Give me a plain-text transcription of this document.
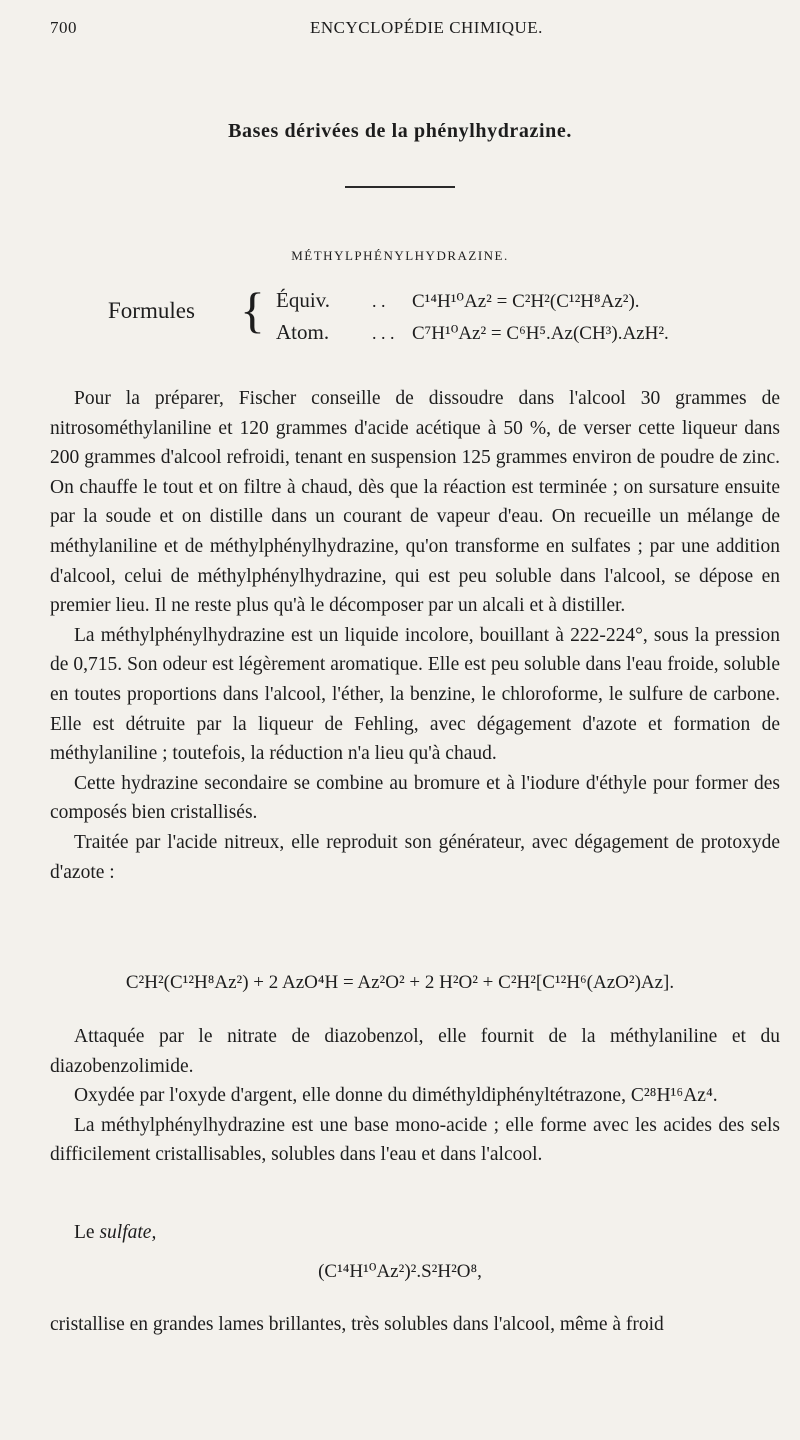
700	ENCYCLOPÉDIE CHIMIQUE.
Bases dérivées de la phénylhydrazine.
MÉTHYLPHÉNYLHYDRAZINE.
Formules { Équiv. . . C¹⁴H¹⁰Az² = C²H²(C¹²H⁸Az²).
Atom. . . . C⁷H¹⁰Az² = C⁶H⁵.Az(CH³).AzH².

Pour la préparer, Fischer conseille de dissoudre dans l'alcool 30 grammes de nitrosométhylaniline et 120 grammes d'acide acétique à 50 %, de verser cette liqueur dans 200 grammes d'alcool refroidi, tenant en suspension 125 grammes environ de poudre de zinc. On chauffe le tout et on filtre à chaud, dès que la réaction est terminée ; on sursature ensuite par la soude et on distille dans un courant de vapeur d'eau. On recueille un mélange de méthylaniline et de méthylphénylhydrazine, qu'on transforme en sulfates ; par une addition d'alcool, celui de méthylphénylhydrazine, qui est peu soluble dans l'alcool, se dépose en premier lieu. Il ne reste plus qu'à le décomposer par un alcali et à distiller.

La méthylphénylhydrazine est un liquide incolore, bouillant à 222-224°, sous la pression de 0,715. Son odeur est légèrement aromatique. Elle est peu soluble dans l'eau froide, soluble en toutes proportions dans l'alcool, l'éther, la benzine, le chloroforme, le sulfure de carbone. Elle est détruite par la liqueur de Fehling, avec dégagement d'azote et formation de méthylaniline ; toutefois, la réduction n'a lieu qu'à chaud.

Cette hydrazine secondaire se combine au bromure et à l'iodure d'éthyle pour former des composés bien cristallisés.

Traitée par l'acide nitreux, elle reproduit son générateur, avec dégagement de protoxyde d'azote :

C²H²(C¹²H⁸Az²) + 2 AzO⁴H = Az²O² + 2 H²O² + C²H²[C¹²H⁶(AzO²)Az].

Attaquée par le nitrate de diazobenzol, elle fournit de la méthylaniline et du diazobenzolimide.

Oxydée par l'oxyde d'argent, elle donne du diméthyldiphényltétrazone, C²⁸H¹⁶Az⁴.

La méthylphénylhydrazine est une base mono-acide ; elle forme avec les acides des sels difficilement cristallisables, solubles dans l'eau et dans l'alcool.

Le sulfate,
(C¹⁴H¹⁰Az²)².S²H²O⁸,

cristallise en grandes lames brillantes, très solubles dans l'alcool, même à froid
